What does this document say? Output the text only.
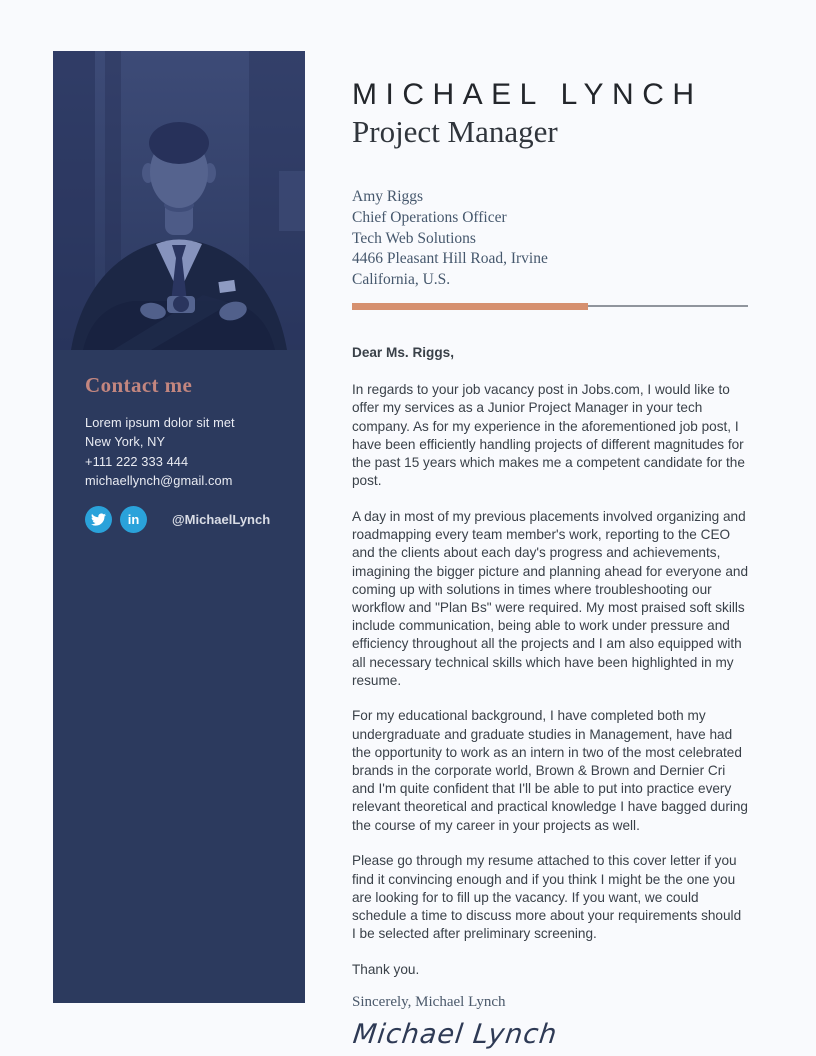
Contact me
Lorem ipsum dolor sit met
New York, NY
+111 222 333 444
michaellynch@gmail.com
in	@MichaelLynch
MICHAEL LYNCH
Project Manager
Amy Riggs
Chief Operations Officer
Tech Web Solutions
4466 Pleasant Hill Road, Irvine
California, U.S.

Dear Ms. Riggs,

In regards to your job vacancy post in Jobs.com, I would like to offer my services as a Junior Project Manager in your tech company. As for my experience in the aforementioned job post, I have been efficiently handling projects of different magnitudes for the past 15 years which makes me a competent candidate for the post.

A day in most of my previous placements involved organizing and roadmapping every team member's work, reporting to the CEO and the clients about each day's progress and achievements, imagining the bigger picture and planning ahead for everyone and coming up with solutions in times where troubleshooting our workflow and "Plan Bs" were required. My most praised soft skills include communication, being able to work under pressure and efficiency throughout all the projects and I am also equipped with all necessary technical skills which have been highlighted in my resume.

For my educational background, I have completed both my undergraduate and graduate studies in Management, have had the opportunity to work as an intern in two of the most celebrated brands in the corporate world, Brown & Brown and Dernier Cri and I'm quite confident that I'll be able to put into practice every relevant theoretical and practical knowledge I have bagged during the course of my career in your projects as well.

Please go through my resume attached to this cover letter if you find it convincing enough and if you think I might be the one you are looking for to fill up the vacancy. If you want, we could schedule a time to discuss more about your requirements should I be selected after preliminary screening.

Thank you.

Sincerely, Michael Lynch

Michael Lynch
